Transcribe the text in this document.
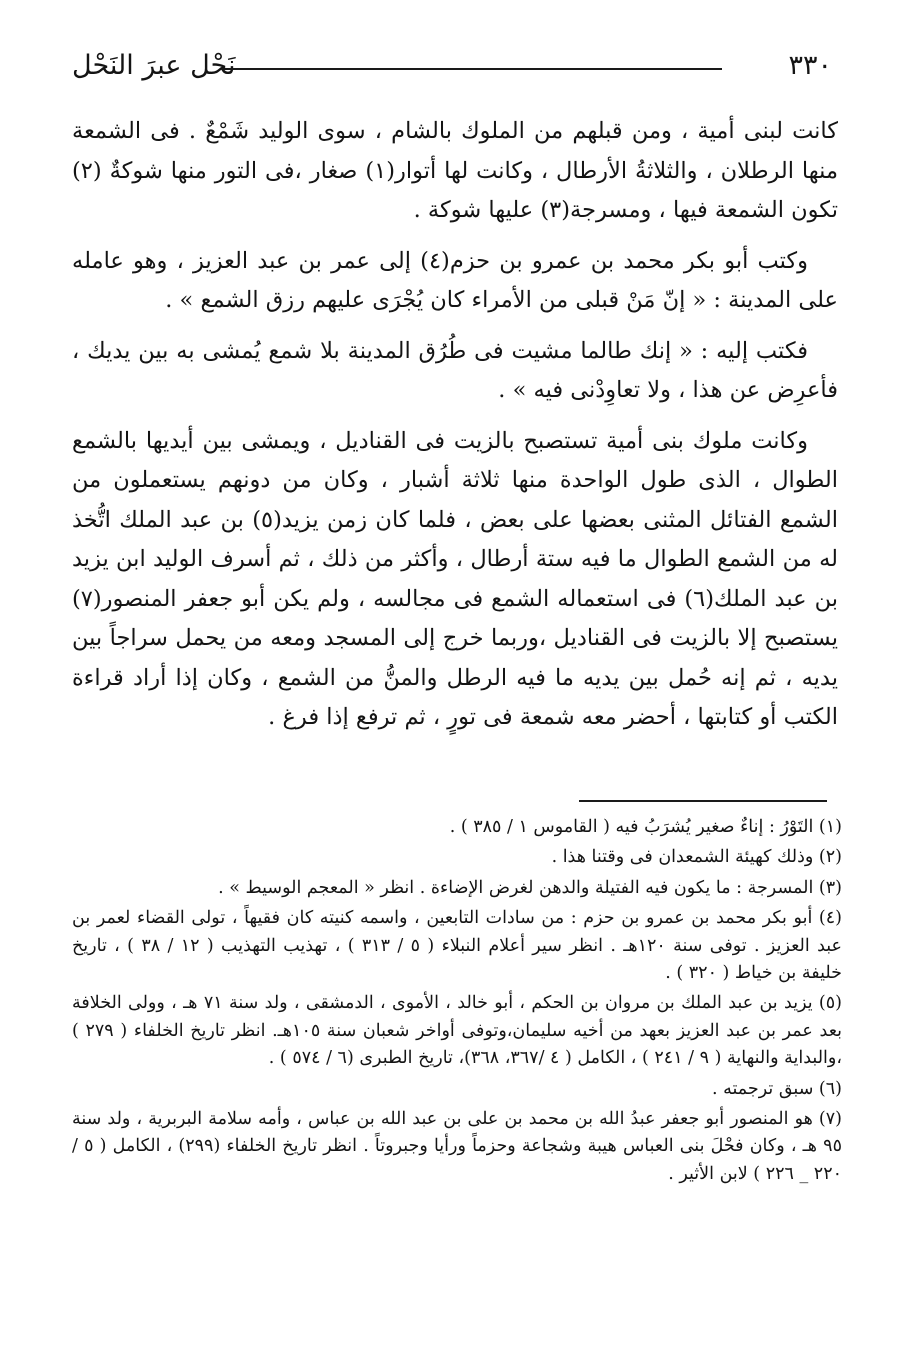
نَحْل عبرَ النَحْل	٣٣٠

كانت لبنى أمية ، ومن قبلهم من الملوك بالشام ، سوى الوليد شَمْعٌ . فى الشمعة منها الرطلان ، والثلاثةُ الأرطال ، وكانت لها أتوار(١) صغار ،فى التور منها شوكةٌ (٢) تكون الشمعة فيها ، ومسرجة(٣) عليها شوكة .

وكتب أبو بكر محمد بن عمرو بن حزم(٤) إلى عمر بن عبد العزيز ، وهو عامله على المدينة : « إنّ مَنْ قبلى من الأمراء كان يُجْرَى عليهم رزق الشمع » .

فكتب إليه : « إنك طالما مشيت فى طُرُق المدينة بلا شمع يُمشى به بين يديك ، فأعرِض عن هذا ، ولا تعاوِدْنى فيه » .

وكانت ملوك بنى أمية تستصبح بالزيت فى القناديل ، ويمشى بين أيديها بالشمع الطوال ، الذى طول الواحدة منها ثلاثة أشبار ، وكان من دونهم يستعملون من الشمع الفتائل المثنى بعضها على بعض ، فلما كان زمن يزيد(٥) بن عبد الملك اتُّخذ له من الشمع الطوال ما فيه ستة أرطال ، وأكثر من ذلك ، ثم أسرف الوليد ابن يزيد بن عبد الملك(٦) فى استعماله الشمع فى مجالسه ، ولم يكن أبو جعفر المنصور(٧) يستصبح إلا بالزيت فى القناديل ،وربما خرج إلى المسجد ومعه من يحمل سراجاً بين يديه ، ثم إنه حُمل بين يديه ما فيه الرطل والمنُّ من الشمع ، وكان إذا أراد قراءة الكتب أو كتابتها ، أحضر معه شمعة فى تورٍ ، ثم ترفع إذا فرغ .

(١) التَوْرُ : إناءٌ صغير يُشرَبُ فيه ( القاموس ١ / ٣٨٥ ) .

(٢) وذلك كهيئة الشمعدان فى وقتنا هذا .

(٣) المسرجة : ما يكون فيه الفتيلة والدهن لغرض الإضاءة . انظر « المعجم الوسيط » .

(٤) أبو بكر محمد بن عمرو بن حزم : من سادات التابعين ، واسمه كنيته كان فقيهاً ، تولى القضاء لعمر بن عبد العزيز . توفى سنة ١٢٠هـ . انظر سير أعلام النبلاء ( ٥ / ٣١٣ ) ، تهذيب التهذيب ( ١٢ / ٣٨ ) ، تاريخ خليفة بن خياط ( ٣٢٠ ) .

(٥) يزيد بن عبد الملك بن مروان بن الحكم ، أبو خالد ، الأموى ، الدمشقى ، ولد سنة ٧١ هـ ، وولى الخلافة بعد عمر بن عبد العزيز بعهد من أخيه سليمان،وتوفى أواخر شعبان سنة ١٠٥هـ. انظر تاريخ الخلفاء ( ٢٧٩ ) ،والبداية والنهاية ( ٩ / ٢٤١ ) ، الكامل ( ٤ /٣٦٧، ٣٦٨)، تاريخ الطبرى (٦ / ٥٧٤ ) .

(٦) سبق ترجمته .

(٧) هو المنصور أبو جعفر عبدُ الله بن محمد بن على بن عبد الله بن عباس ، وأمه سلامة البربرية ، ولد سنة ٩٥ هـ ، وكان فحْلَ بنى العباس هيبة وشجاعة وحزماً ورأيا وجبروتاً . انظر تاريخ الخلفاء (٢٩٩) ، الكامل ( ٥ / ٢٢٠ _ ٢٢٦ ) لابن الأثير .
